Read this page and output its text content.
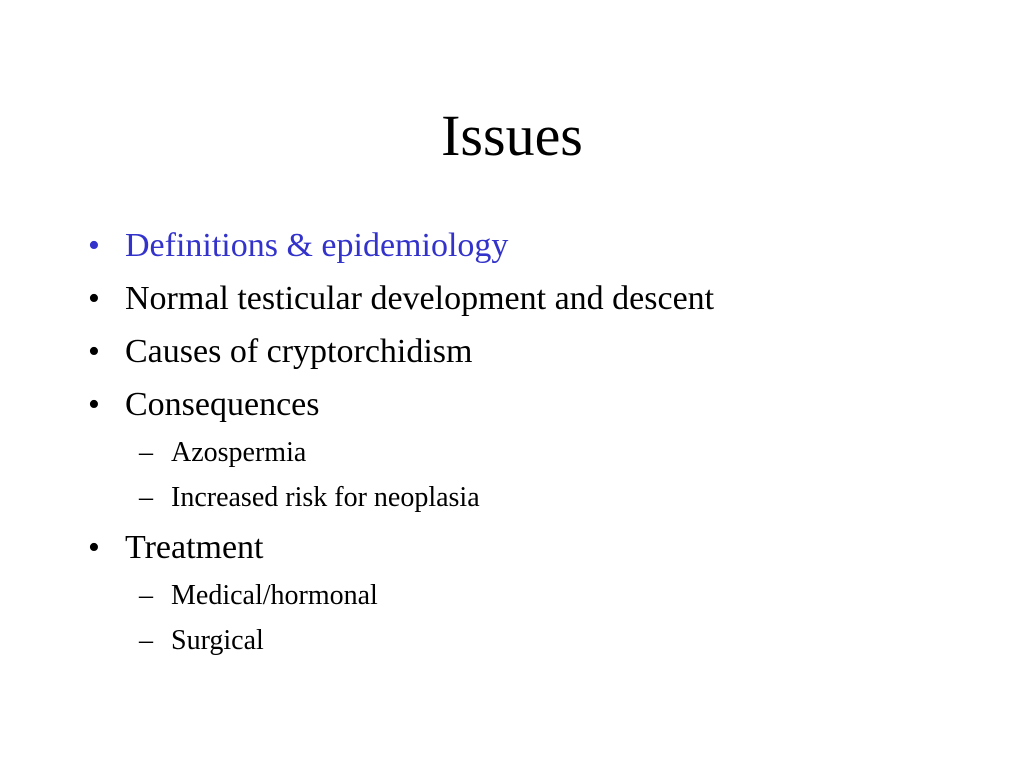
Issues
• Definitions & epidemiology
• Normal testicular development and descent
• Causes of cryptorchidism
• Consequences
– Azospermia
– Increased risk for neoplasia
• Treatment
– Medical/hormonal
– Surgical
